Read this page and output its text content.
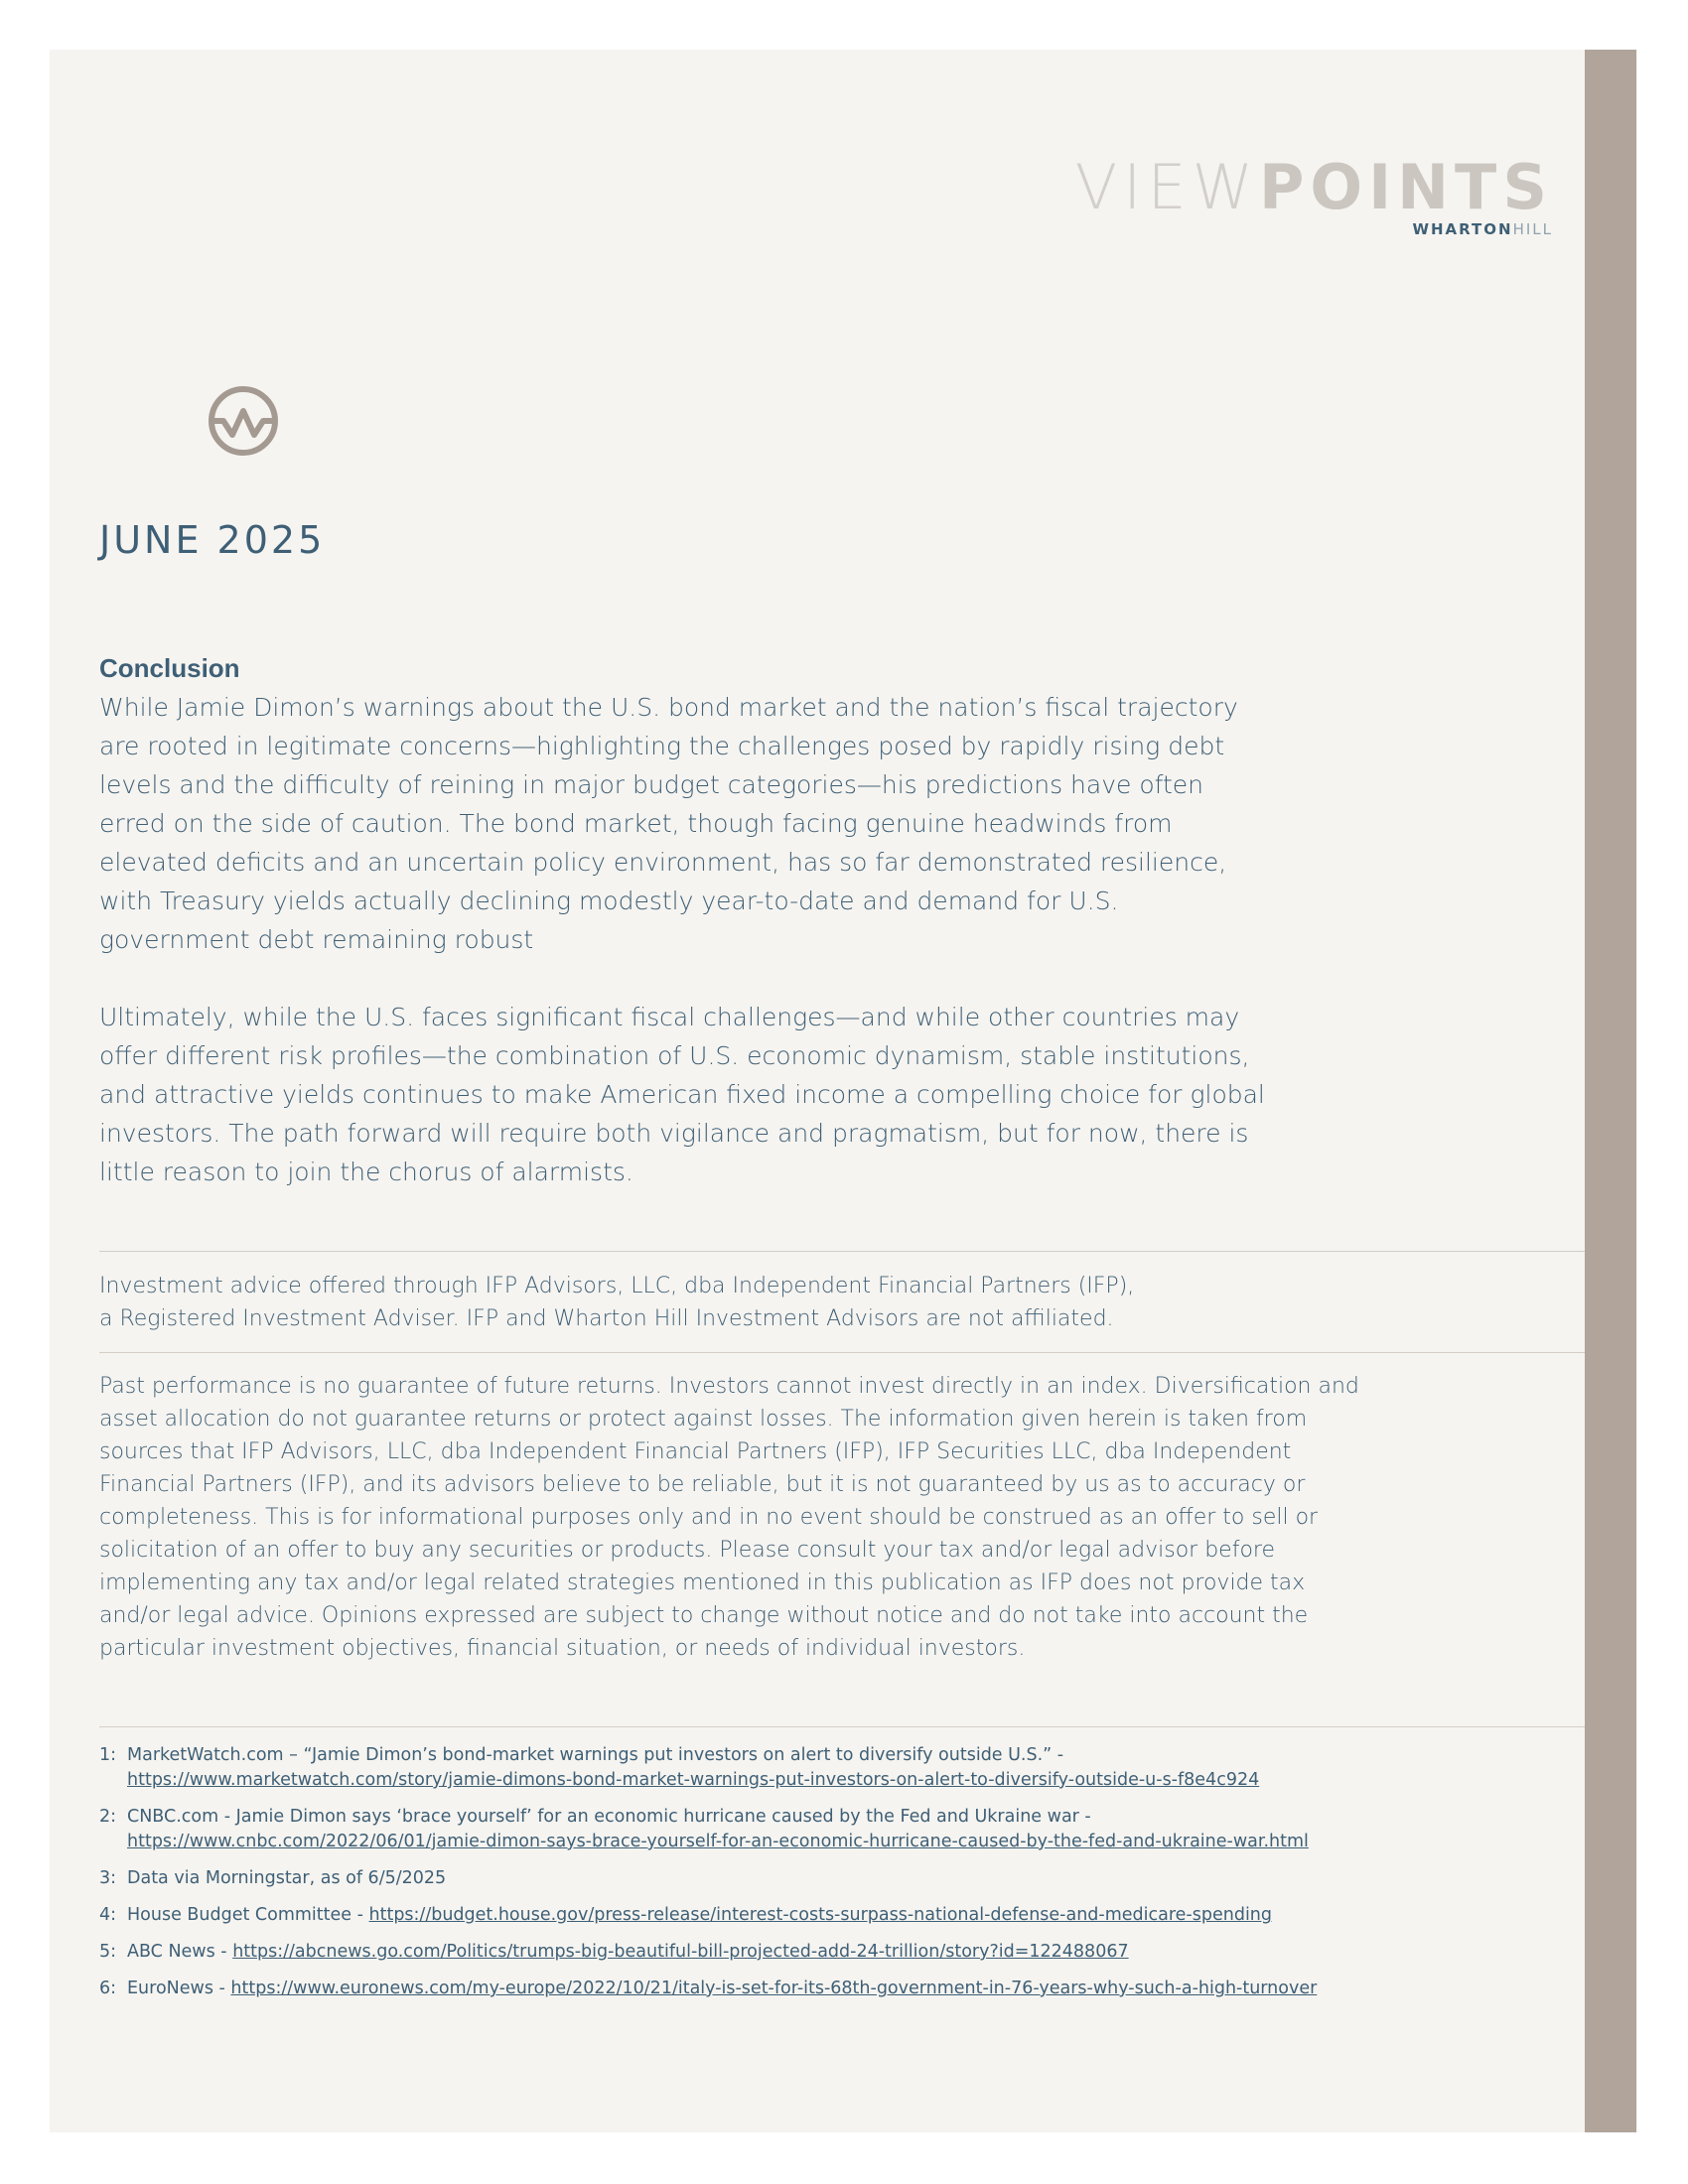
VIEWPOINTS
WHARTONHILL
JUNE 2025
Conclusion

While Jamie Dimon’s warnings about the U.S. bond market and the nation’s fiscal trajectory are rooted in legitimate concerns—highlighting the challenges posed by rapidly rising debt levels and the difficulty of reining in major budget categories—his predictions have often erred on the side of caution. The bond market, though facing genuine headwinds from elevated deficits and an uncertain policy environment, has so far demonstrated resilience, with Treasury yields actually declining modestly year-to-date and demand for U.S. government debt remaining robust

Ultimately, while the U.S. faces significant fiscal challenges—and while other countries may offer different risk profiles—the combination of U.S. economic dynamism, stable institutions, and attractive yields continues to make American fixed income a compelling choice for global investors. The path forward will require both vigilance and pragmatism, but for now, there is little reason to join the chorus of alarmists.

Investment advice offered through IFP Advisors, LLC, dba Independent Financial Partners (IFP),
a Registered Investment Adviser. IFP and Wharton Hill Investment Advisors are not affiliated.
Past performance is no guarantee of future returns. Investors cannot invest directly in an index. Diversification and asset allocation do not guarantee returns or protect against losses. The information given herein is taken from sources that IFP Advisors, LLC, dba Independent Financial Partners (IFP), IFP Securities LLC, dba Independent Financial Partners (IFP), and its advisors believe to be reliable, but it is not guaranteed by us as to accuracy or completeness. This is for informational purposes only and in no event should be construed as an offer to sell or solicitation of an offer to buy any securities or products. Please consult your tax and/or legal advisor before implementing any tax and/or legal related strategies mentioned in this publication as IFP does not provide tax and/or legal advice. Opinions expressed are subject to change without notice and do not take into account the particular investment objectives, financial situation, or needs of individual investors.
1: MarketWatch.com – “Jamie Dimon’s bond-market warnings put investors on alert to diversify outside U.S.” - https://www.marketwatch.com/story/jamie-dimons-bond-market-warnings-put-investors-on-alert-to-diversify-outside-u-s-f8e4c924
2: CNBC.com - Jamie Dimon says ‘brace yourself’ for an economic hurricane caused by the Fed and Ukraine war - https://www.cnbc.com/2022/06/01/jamie-dimon-says-brace-yourself-for-an-economic-hurricane-caused-by-the-fed-and-ukraine-war.html
3: Data via Morningstar, as of 6/5/2025
4: House Budget Committee - https://budget.house.gov/press-release/interest-costs-surpass-national-defense-and-medicare-spending
5: ABC News - https://abcnews.go.com/Politics/trumps-big-beautiful-bill-projected-add-24-trillion/story?id=122488067
6: EuroNews - https://www.euronews.com/my-europe/2022/10/21/italy-is-set-for-its-68th-government-in-76-years-why-such-a-high-turnover
